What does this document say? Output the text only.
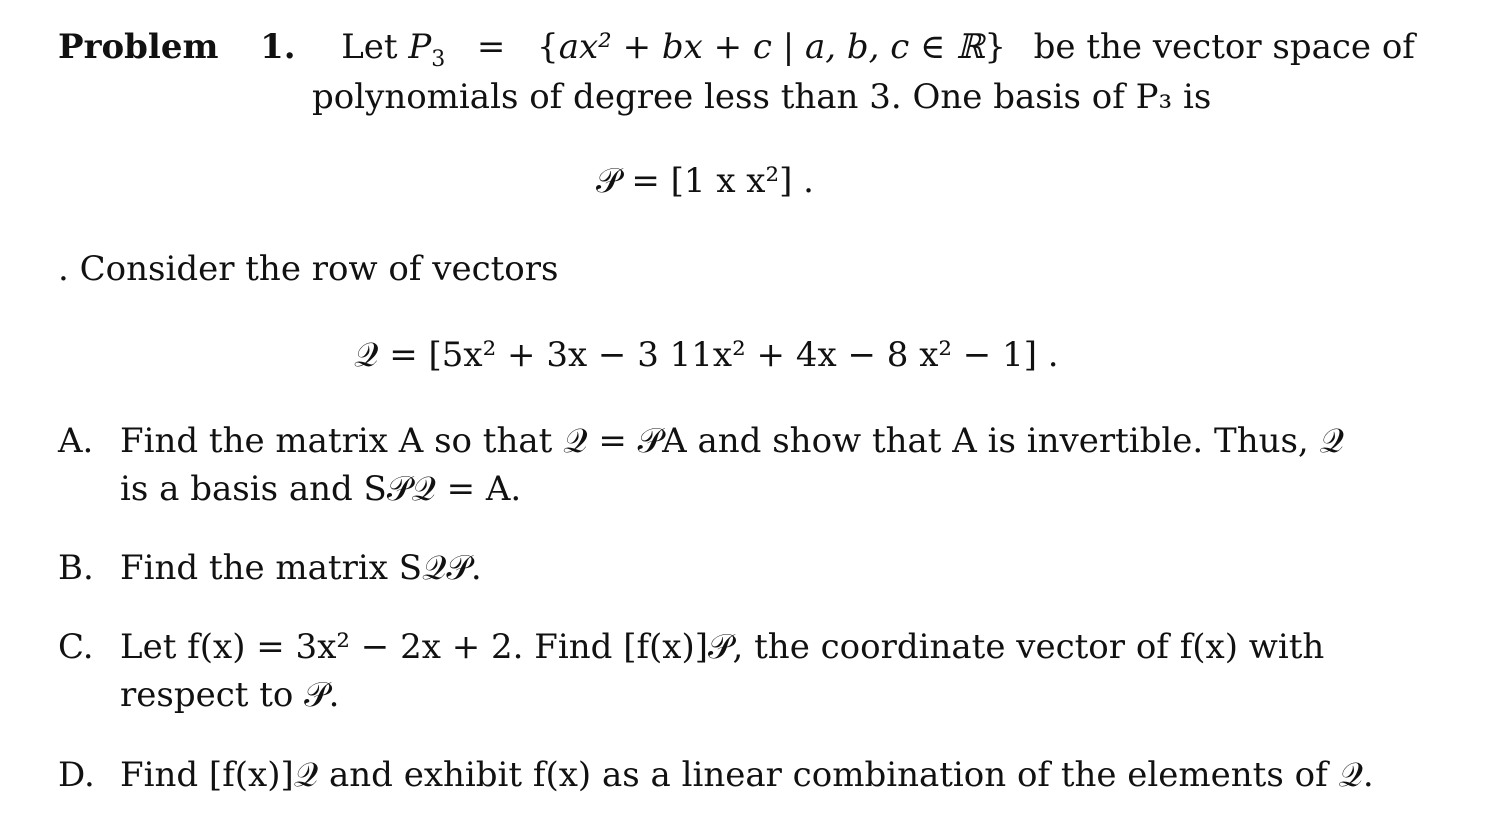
Problem 1. Let $P_3 = \{ax^2$ + bx + c | a, b, c ∈ ℝ} be the vector space of
polynomials of degree less than 3. One basis of P₃ is
𝒫 = [1 x x²] .
. Consider the row of vectors
𝒬 = [5x² + 3x − 3 11x² + 4x − 8 x² − 1] .
A. Find the matrix A so that 𝒬 = 𝒫A and show that A is invertible. Thus, 𝒬
is a basis and S𝒫𝒬 = A.
B. Find the matrix S𝒬𝒫.
C. Let f(x) = 3x² − 2x + 2. Find [f(x)]𝒫, the coordinate vector of f(x) with
respect to 𝒫.
D. Find [f(x)]𝒬 and exhibit f(x) as a linear combination of the elements of 𝒬.
